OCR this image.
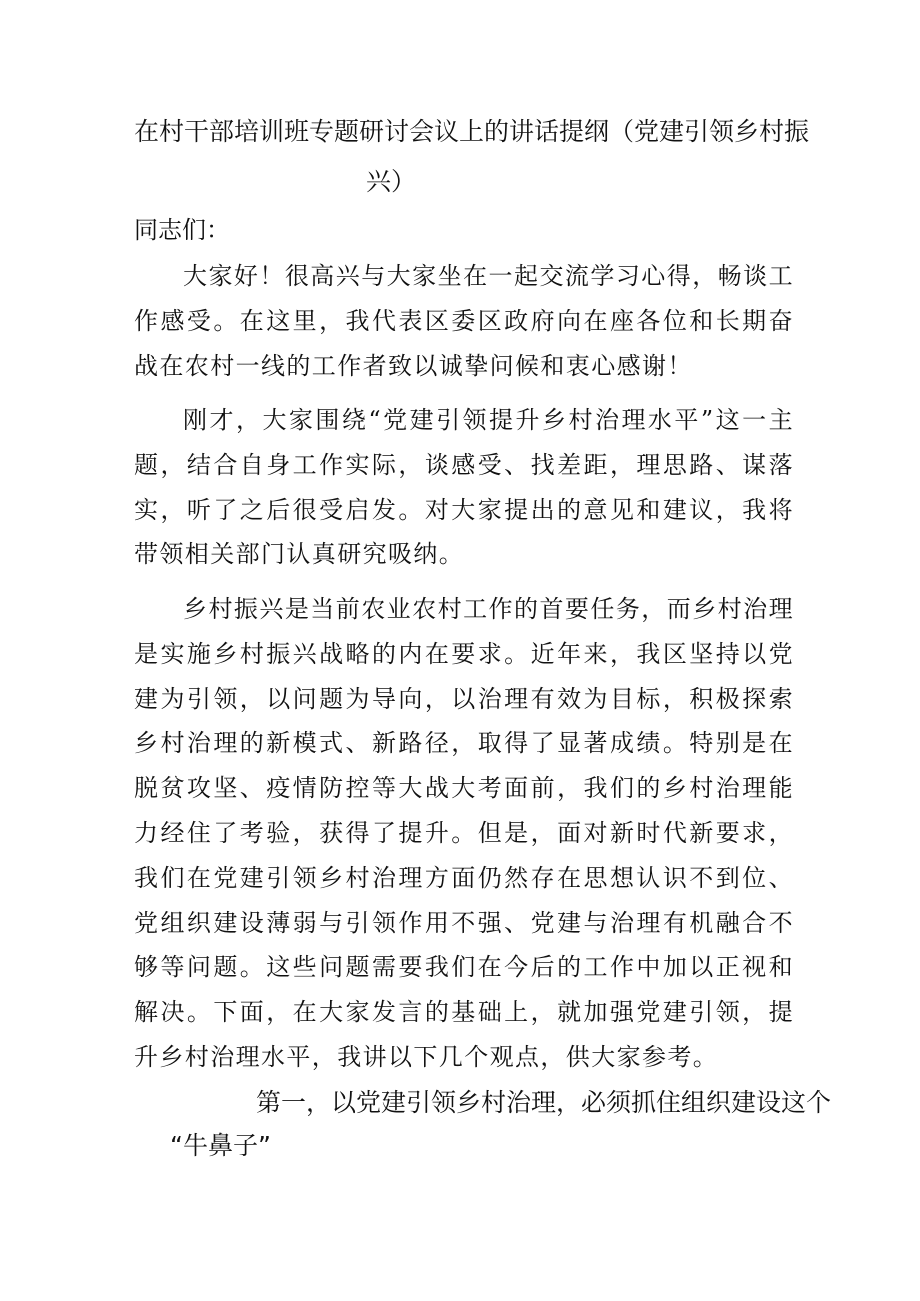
在村干部培训班专题研讨会议上的讲话提纲（党建引领乡村振
兴）
同志们：
大家好！很高兴与大家坐在一起交流学习心得，畅谈工作感受。在这里，我代表区委区政府向在座各位和长期奋战在农村一线的工作者致以诚挚问候和衷心感谢！
刚才，大家围绕“党建引领提升乡村治理水平”这一主题，结合自身工作实际，谈感受、找差距，理思路、谋落实，听了之后很受启发。对大家提出的意见和建议，我将带领相关部门认真研究吸纳。
乡村振兴是当前农业农村工作的首要任务，而乡村治理是实施乡村振兴战略的内在要求。近年来，我区坚持以党建为引领，以问题为导向，以治理有效为目标，积极探索乡村治理的新模式、新路径，取得了显著成绩。特别是在脱贫攻坚、疫情防控等大战大考面前，我们的乡村治理能力经住了考验，获得了提升。但是，面对新时代新要求，我们在党建引领乡村治理方面仍然存在思想认识不到位、党组织建设薄弱与引领作用不强、党建与治理有机融合不够等问题。这些问题需要我们在今后的工作中加以正视和解决。下面，在大家发言的基础上，就加强党建引领，提升乡村治理水平，我讲以下几个观点，供大家参考。
第一，以党建引领乡村治理，必须抓住组织建设这个
“牛鼻子”
